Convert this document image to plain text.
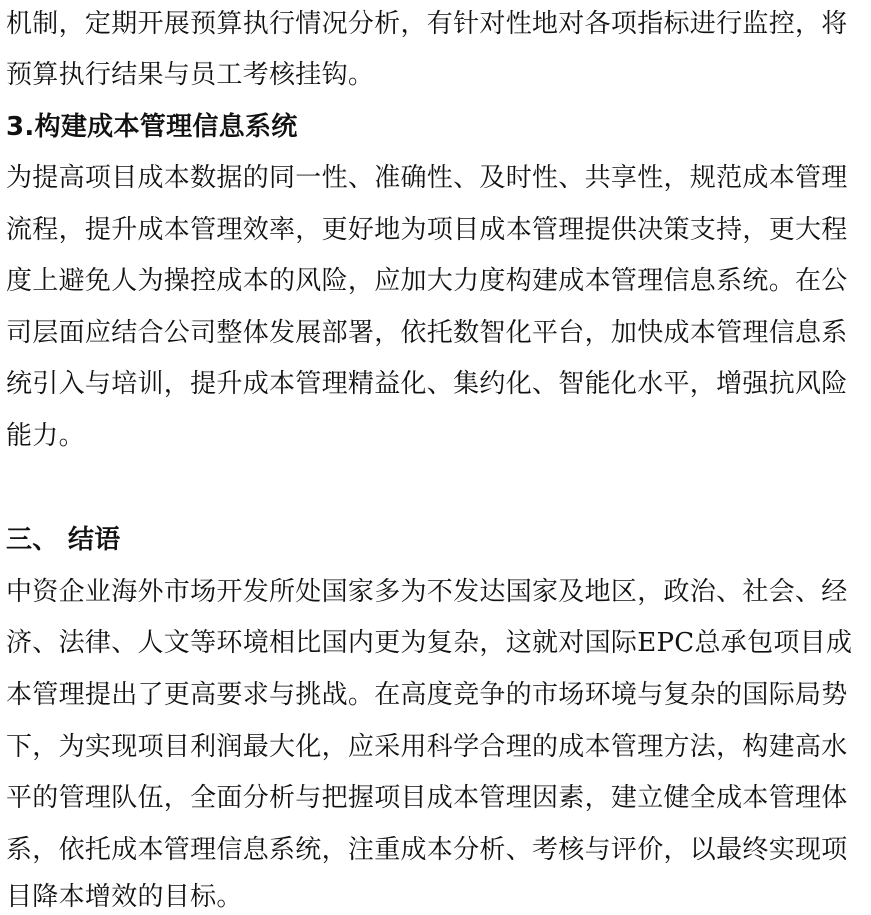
机制，定期开展预算执行情况分析，有针对性地对各项指标进行监控，将
预算执行结果与员工考核挂钩。
3.构建成本管理信息系统
为提高项目成本数据的同一性、准确性、及时性、共享性，规范成本管理
流程，提升成本管理效率，更好地为项目成本管理提供决策支持，更大程
度上避免人为操控成本的风险，应加大力度构建成本管理信息系统。在公
司层面应结合公司整体发展部署，依托数智化平台，加快成本管理信息系
统引入与培训，提升成本管理精益化、集约化、智能化水平，增强抗风险
能力。
三、 结语
中资企业海外市场开发所处国家多为不发达国家及地区，政治、社会、经
济、法律、人文等环境相比国内更为复杂，这就对国际EPC总承包项目成
本管理提出了更高要求与挑战。在高度竞争的市场环境与复杂的国际局势
下，为实现项目利润最大化，应采用科学合理的成本管理方法，构建高水
平的管理队伍，全面分析与把握项目成本管理因素，建立健全成本管理体
系，依托成本管理信息系统，注重成本分析、考核与评价，以最终实现项
目降本增效的目标。
